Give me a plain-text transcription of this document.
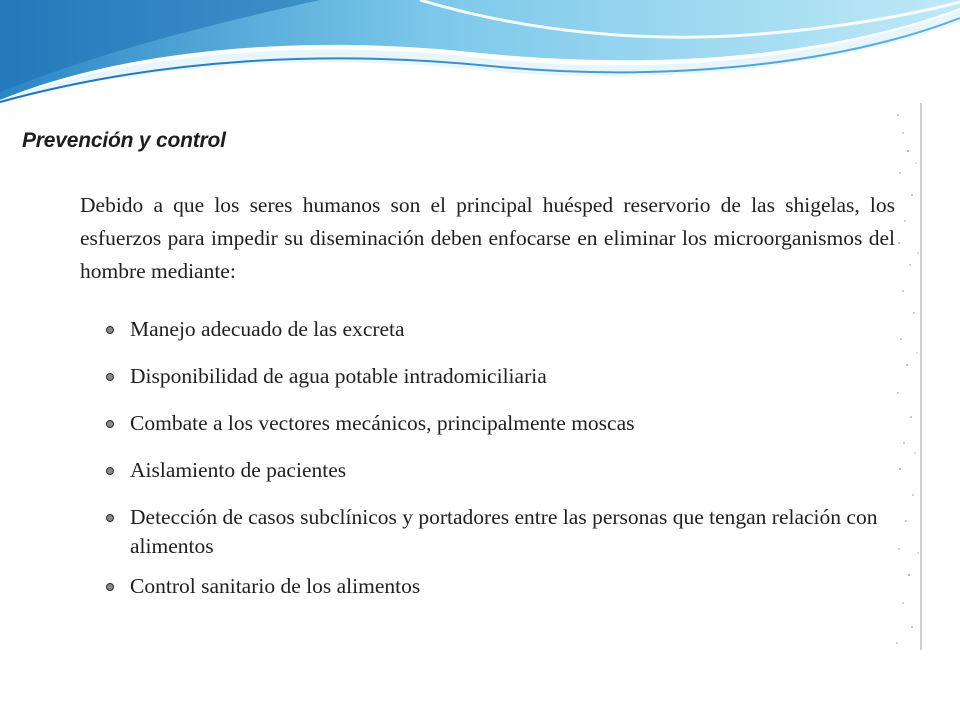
Prevención y control

Debido a que los seres humanos son el principal huésped reservorio de las shigelas, los esfuerzos para impedir su diseminación deben enfocarse en eliminar los microorganismos del hombre mediante:

Manejo adecuado de las excreta
Disponibilidad de agua potable intradomiciliaria
Combate a los vectores mecánicos, principalmente moscas
Aislamiento de pacientes
Detección de casos subclínicos y portadores entre las personas que tengan relación con alimentos
Control sanitario de los alimentos
